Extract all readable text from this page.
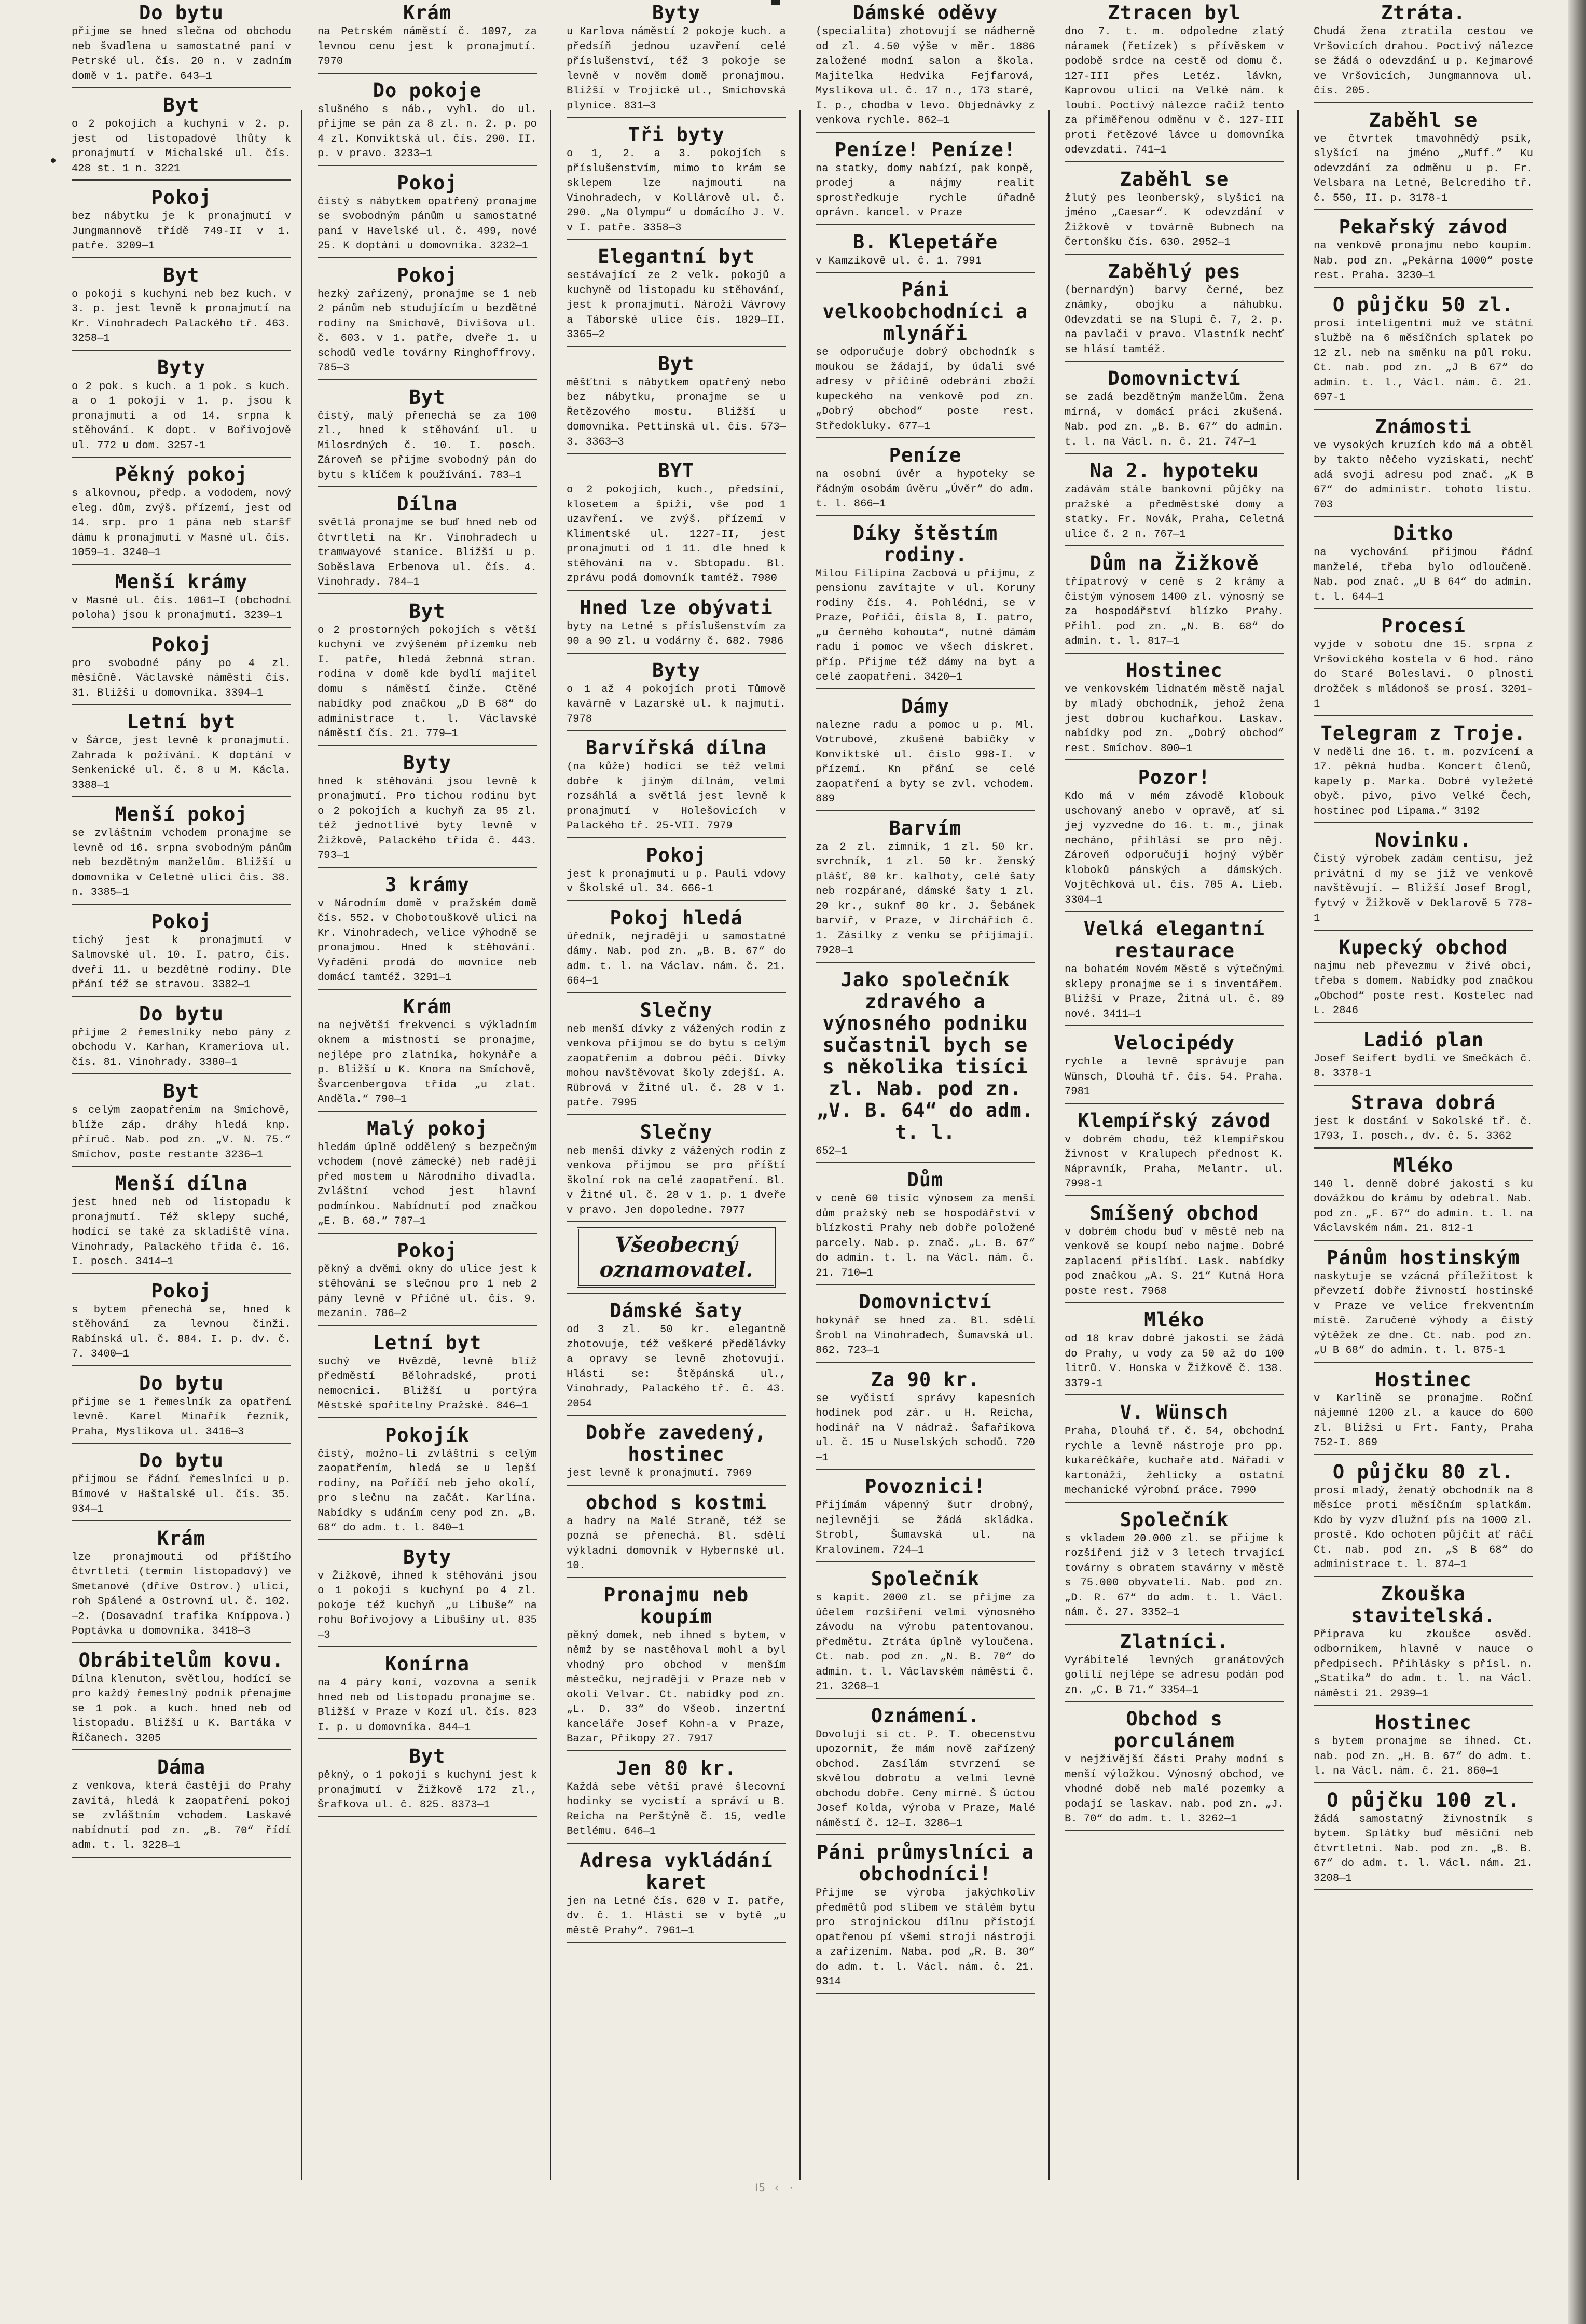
Do bytu

přijme se hned slečna od obchodu neb švadlena u samostatné paní v Petrské ul. čís. 20 n. v zadním domě v 1. patře. 643—1

Byt

o 2 pokojích a kuchyni v 2. p. jest od listopadové lhůty k pronajmutí v Michalské ul. čís. 428 st. 1 n. 3221

Pokoj

bez nábytku je k pronajmutí v Jungmannově třídě 749-II v 1. patře. 3209—1

Byt

o pokoji s kuchyní neb bez kuch. v 3. p. jest levně k pronajmutí na Kr. Vinohradech Palackého tř. 463. 3258—1

Byty

o 2 pok. s kuch. a 1 pok. s kuch. a o 1 pokoji v 1. p. jsou k pronajmutí a od 14. srpna k stěhování. K dopt. v Bořivojově ul. 772 u dom. 3257-1

Pěkný pokoj

s alkovnou, předp. a vododem, nový eleg. dům, zvýš. přízemí, jest od 14. srp. pro 1 pána neb staršf dámu k pronajmutí v Masné ul. čís. 1059—1. 3240—1

Menší krámy

v Masné ul. čís. 1061—I (obchodní poloha) jsou k pronajmutí. 3239—1

Pokoj

pro svobodné pány po 4 zl. měsíčně. Václavské náměstí čís. 31. Bližší u domovníka. 3394—1

Letní byt

v Šárce, jest levně k pronajmutí. Zahrada k požívání. K doptání v Senkenické ul. č. 8 u M. Kácla. 3388—1

Menší pokoj

se zvláštním vchodem pronajme se levně od 16. srpna svobodným pánům neb bezdětným manželům. Bližší u domovníka v Celetné ulici čís. 38. n. 3385—1

Pokoj

tichý jest k pronajmutí v Salmovské ul. 10. I. patro, čís. dveří 11. u bezdětné rodiny. Dle přání též se stravou. 3382—1

Do bytu

přijme 2 řemeslníky nebo pány z obchodu V. Karhan, Krameriova ul. čís. 81. Vinohrady. 3380—1

Byt

s celým zaopatřením na Smíchově, blíže záp. dráhy hledá knp. příruč. Nab. pod zn. „V. N. 75.“ Smíchov, poste restante 3236—1

Menší dílna

jest hned neb od listopadu k pronajmutí. Též sklepy suché, hodící se také za skladiště vína. Vinohrady, Palackého třída č. 16. I. posch. 3414—1

Pokoj

s bytem přenechá se, hned k stěhování za levnou činži. Rabínská ul. č. 884. I. p. dv. č. 7. 3400—1

Do bytu

přijme se 1 řemeslník za opatření levně. Karel Minařík řezník, Praha, Myslíkova ul. 3416—3

Do bytu

přijmou se řádní řemeslníci u p. Bímové v Haštalské ul. čís. 35. 934—1

Krám

lze pronajmouti od příštího čtvrtletí (termín listopadový) ve Smetanové (dříve Ostrov.) ulici, roh Spálené a Ostrovní ul. č. 102.—2. (Dosavadní trafika Kníppova.) Poptávka u domovníka. 3418—3

Obrábitelům kovu.

Dílna klenuton, světlou, hodící se pro každý řemeslný podnik přenajme se 1 pok. a kuch. hned neb od listopadu. Bližší u K. Bartáka v Říčanech. 3205

Dáma

z venkova, která častěji do Prahy zavítá, hledá k zaopatření pokoj se zvláštním vchodem. Laskavé nabídnutí pod zn. „B. 70“ řídí adm. t. l. 3228—1

Krám

na Petrském náměstí č. 1097, za levnou cenu jest k pronajmutí. 7970

Do pokoje

slušného s náb., vyhl. do ul. přijme se pán za 8 zl. n. 2. p. po 4 zl. Konviktská ul. čís. 290. II. p. v pravo. 3233—1

Pokoj

čistý s nábytkem opatřený pronajme se svobodným pánům u samostatné paní v Havelské ul. č. 499, nové 25. K doptání u domovníka. 3232—1

Pokoj

hezký zařízený, pronajme se 1 neb 2 pánům neb studujícím u bezdětné rodiny na Smíchově, Divišova ul. č. 603. v 1. patře, dveře 1. u schodů vedle továrny Ringhoffrovy. 785—3

Byt

čistý, malý přenechá se za 100 zl., hned k stěhování ul. u Milosrdných č. 10. I. posch. Zároveň se přijme svobodný pán do bytu s klíčem k používání. 783—1

Dílna

světlá pronajme se buď hned neb od čtvrtletí na Kr. Vinohradech u tramwayové stanice. Bližší u p. Soběslava Erbenova ul. čís. 4. Vinohrady. 784—1

Byt

o 2 prostorných pokojích s větší kuchyní ve zvýšeném přízemku neb I. patře, hledá žebnná stran. rodina v domě kde bydlí majitel domu s náměstí činže. Ctěné nabídky pod značkou „D B 68“ do administrace t. l. Václavské náměstí čís. 21. 779—1

Byty

hned k stěhování jsou levně k pronajmutí. Pro tichou rodinu byt o 2 pokojích a kuchyň za 95 zl. též jednotlivé byty levně v Žižkově, Palackého třída č. 443. 793—1

3 krámy

v Národním domě v pražském domě čís. 552. v Chobotouškově ulici na Kr. Vinohradech, velice výhodně se pronajmou. Hned k stěhování. Vyřadění prodá do movnice neb domácí tamtéž. 3291—1

Krám

na největší frekvenci s výkladním oknem a místností se pronajme, nejlépe pro zlatníka, hokynáře a p. Bližší u K. Knora na Smíchově, Švarcenbergova třída „u zlat. Anděla.“ 790—1

Malý pokoj

hledám úplně oddělený s bezpečným vchodem (nové zámecké) neb raději před mostem u Národního divadla. Zvláštní vchod jest hlavní podmínkou. Nabídnutí pod značkou „E. B. 68.“ 787—1

Pokoj

pěkný a dvěmi okny do ulice jest k stěhování se slečnou pro 1 neb 2 pány levně v Příčné ul. čís. 9. mezanin. 786—2

Letní byt

suchý ve Hvězdě, levně blíž předměstí Bělohradské, proti nemocnici. Bližší u portýra Městské spořitelny Pražské. 846—1

Pokojík

čistý, možno-li zvláštní s celým zaopatřením, hledá se u lepší rodiny, na Poříčí neb jeho okolí, pro slečnu na začát. Karlína. Nabídky s udáním ceny pod zn. „B. 68“ do adm. t. l. 840—1

Byty

v Žižkově, ihned k stěhování jsou o 1 pokoji s kuchyní po 4 zl. pokoje též kuchyň „u Libuše“ na rohu Bořivojovy a Libušiny ul. 835—3

Konírna

na 4 páry koní, vozovna a seník hned neb od listopadu pronajme se. Bližší v Praze v Kozí ul. čís. 823 I. p. u domovníka. 844—1

Byt

pěkný, o 1 pokoji s kuchyní jest k pronajmutí v Žižkově 172 zl., Šrafkova ul. č. 825. 8373—1

Byty

u Karlova náměstí 2 pokoje kuch. a předsíň jednou uzavření celé příslušenství, též 3 pokoje se levně v nověm domě pronajmou. Bližší v Trojické ul., Smíchovská plynice. 831—3

Tři byty

o 1, 2. a 3. pokojích s příslušenstvím, mimo to krám se sklepem lze najmouti na Vinohradech, v Kollárově ul. č. 290. „Na Olympu“ u domácího J. V. v I. patře. 3358—3

Elegantní byt

sestávající ze 2 velk. pokojů a kuchyně od listopadu ku stěhování, jest k pronajmutí. Nároží Vávrovy a Táborské ulice čís. 1829—II. 3365—2

Byt

měšťtní s nábytkem opatřený nebo bez nábytku, pronajme se u Řetězového mostu. Bližší u domovníka. Pettinská ul. čís. 573—3. 3363—3

BYT

o 2 pokojích, kuch., předsíní, klosetem a špiží, vše pod 1 uzavření. ve zvýš. přízemí v Klimentské ul. 1227-II, jest pronajmutí od 1 11. dle hned k stěhování na v. Sbtopadu. Bl. zprávu podá domovník tamtéž. 7980

Hned lze obývati

byty na Letné s příslušenstvím za 90 a 90 zl. u vodárny č. 682. 7986

Byty

o 1 až 4 pokojích proti Tůmově kavárně v Lazarské ul. k najmutí. 7978

Barvířská dílna

(na kůže) hodící se též velmi dobře k jiným dílnám, velmi rozsáhlá a světlá jest levně k pronajmutí v Holešovicích v Palackého tř. 25-VII. 7979

Pokoj

jest k pronajmutí u p. Pauli vdovy v Školské ul. 34. 666-1

Pokoj hledá

úředník, nejraději u samostatné dámy. Nab. pod zn. „B. B. 67“ do adm. t. l. na Václav. nám. č. 21. 664—1

Slečny

neb menší dívky z vážených rodin z venkova přijmou se do bytu s celým zaopatřením a dobrou péčí. Dívky mohou navštěvovat školy zdejší. A. Rübrová v Žitné ul. č. 28 v 1. patře. 7995

Slečny

neb menší dívky z vážených rodin z venkova přijmou se pro příští školní rok na celé zaopatření. Bl. v Žitné ul. č. 28 v 1. p. 1 dveře v pravo. Jen dopoledne. 7977

Všeobecný oznamovatel.
Dámské šaty

od 3 zl. 50 kr. elegantně zhotovuje, též veškeré předělávky a opravy se levně zhotovují. Hlásti se: Štěpánská ul., Vinohrady, Palackého tř. č. 43. 2054

Dobře zavedený, hostinec

jest levně k pronajmutí. 7969

obchod s kostmi

a hadry na Malé Straně, též se pozná se přenechá. Bl. sdělí výkladní domovník v Hybernské ul. 10.

Pronajmu neb koupím

pěkný domek, neb ihned s bytem, v němž by se nastěhoval mohl a byl vhodný pro obchod v menším městečku, nejraději v Praze neb v okolí Velvar. Ct. nabídky pod zn. „L. D. 33“ do Všeob. inzertní kanceláře Josef Kohn-a v Praze, Bazar, Příkopy 27. 7917

Jen 80 kr.

Každá sebe větší pravé šlecovní hodinky se vycistí a správí u B. Reicha na Perštýně č. 15, vedle Betlému. 646—1

Adresa vykládání karet

jen na Letné čís. 620 v I. patře, dv. č. 1. Hlásti se v bytě „u městě Prahy“. 7961—1

Dámské oděvy

(specialita) zhotovují se nádherně od zl. 4.50 výše v měr. 1886 založené modní salon a škola. Majitelka Hedvika Fejfarová, Myslíkova ul. č. 17 n., 173 staré, I. p., chodba v levo. Objednávky z venkova rychle. 862—1

Peníze! Peníze!

na statky, domy nabízí, pak konpě, prodej a nájmy realit sprostředkuje rychle úřadně oprávn. kancel. v Praze

B. Klepetáře

v Kamzíkově ul. č. 1. 7991

Páni velkoobchodníci a mlynáři

se odporučuje dobrý obchodník s moukou se žádají, by údali své adresy v příčině odebrání zboží kupeckého na venkově pod zn. „Dobrý obchod“ poste rest. Středokluky. 677—1

Peníze

na osobní úvěr a hypoteky se řádným osobám úvěru „Úvěr“ do adm. t. l. 866—1

Díky štěstím rodiny.

Milou Filipína Zacbová u příjmu, z pensionu zavítajte v ul. Koruny rodiny čís. 4. Pohlédni, se v Praze, Poříčí, čísla 8, I. patro, „u černého kohouta“, nutné dámám radu i pomoc ve všech diskret. příp. Přijme též dámy na byt a celé zaopatření. 3420—1

Dámy

nalezne radu a pomoc u p. Ml. Votrubové, zkušené babičky v Konviktské ul. číslo 998-I. v přízemí. Kn přání se celé zaopatření a byty se zvl. vchodem. 889

Barvím

za 2 zl. zimník, 1 zl. 50 kr. svrchník, 1 zl. 50 kr. ženský plášť, 80 kr. kalhoty, celé šaty neb rozpárané, dámské šaty 1 zl. 20 kr., suknf 80 kr. J. Šebánek barvíř, v Praze, v Jirchářích č. 1. Zásilky z venku se přijímají. 7928—1

Jako společník zdravého a výnosného podniku sučastnil bych se s několika tisíci zl. Nab. pod zn. „V. B. 64“ do adm. t. l.

652—1

Dům

v ceně 60 tisíc výnosem za menší dům pražský neb se hospodářství v blízkosti Prahy neb dobře položené parcely. Nab. p. znač. „L. B. 67“ do admin. t. l. na Václ. nám. č. 21. 710—1

Domovnictví

hokynář se hned za. Bl. sdělí Šrobl na Vinohradech, Šumavská ul. 862. 723—1

Za 90 kr.

se vyčistí správy kapesních hodinek pod zár. u H. Reicha, hodinář na V nádraž. Šafaříkova ul. č. 15 u Nuselských schodů. 720—1

Povoznici!

Přijímám vápenný šutr drobný, nejlevněji se žádá skládka. Strobl, Šumavská ul. na Kralovinem. 724—1

Společník

s kapit. 2000 zl. se přijme za účelem rozšíření velmi výnosného závodu na výrobu patentovanou. předmětu. Ztráta úplně vyloučena. Ct. nab. pod zn. „N. B. 70“ do admin. t. l. Václavském náměstí č. 21. 3268—1

Oznámení.

Dovoluji si ct. P. T. obecenstvu upozornit, že mám nově zařízený obchod. Zasílám stvrzení se skvělou dobrotu a velmi levné obchodu dobře. Ceny mírné. Š úctou Josef Kolda, výroba v Praze, Malé náměstí č. 12—I. 3286—1

Páni průmyslníci a obchodníci!

Přijme se výroba jakýchkoliv předmětů pod slibem ve stálém bytu pro strojnickou dílnu přístojí opatřenou pí všemi stroji nástroji a zařízením. Naba. pod „R. B. 30“ do adm. t. l. Václ. nám. č. 21. 9314

Ztracen byl

dno 7. t. m. odpoledne zlatý náramek (řetízek) s přívěskem v podobě srdce na cestě od domu č. 127-III přes Letéz. lávkn, Kaprovou ulicí na Velké nám. k loubí. Poctivý nálezce račiž tento za přiměřenou odměnu v č. 127-III proti řetězové lávce u domovníka odevzdati. 741—1

Zaběhl se

žlutý pes leonberský, slyšící na jméno „Caesar“. K odevzdání v Žižkově v továrně Bubnech na Čertonšku čís. 630. 2952—1

Zaběhlý pes

(bernardýn) barvy černé, bez známky, obojku a náhubku. Odevzdati se na Slupi č. 7, 2. p. na pavlači v pravo. Vlastník nechť se hlásí tamtéž.

Domovnictví

se zadá bezdětným manželům. Žena mírná, v domácí práci zkušená. Nab. pod zn. „B. B. 67“ do admin. t. l. na Václ. n. č. 21. 747—1

Na 2. hypoteku

zadávám stále bankovní půjčky na pražské a předměstské domy a statky. Fr. Novák, Praha, Celetná ulice č. 2 n. 767—1

Dům na Žižkově

třípatrový v ceně s 2 krámy a čistým výnosem 1400 zl. výnosný se za hospodářství blízko Prahy. Přihl. pod zn. „N. B. 68“ do admin. t. l. 817—1

Hostinec

ve venkovském lidnatém městě najal by mladý obchodník, jehož žena jest dobrou kuchařkou. Laskav. nabídky pod zn. „Dobrý obchod“ rest. Smíchov. 800—1

Pozor!

Kdo má v mém závodě klobouk uschovaný anebo v opravě, ať si jej vyzvedne do 16. t. m., jinak necháno, přihlásí se pro něj. Zároveň odporučuji hojný výběr kloboků pánských a dámských. Vojtěchková ul. čís. 705 A. Lieb. 3304—1

Velká elegantní restaurace

na bohatém Novém Městě s výtečnými sklepy pronajme se i s inventářem. Bližší v Praze, Žitná ul. č. 89 nové. 3411—1

Velocipédy

rychle a levně správuje pan Wünsch, Dlouhá tř. čís. 54. Praha. 7981

Klempířský závod

v dobrém chodu, též klempířskou živnost v Kralupech přednost K. Nápravník, Praha, Melantr. ul. 7998-1

Smíšený obchod

v dobrém chodu buď v městě neb na venkově se koupí nebo najme. Dobré zaplacení přislíbí. Lask. nabídky pod značkou „A. S. 21“ Kutná Hora poste rest. 7968

Mléko

od 18 krav dobré jakosti se žádá do Prahy, u vody za 50 až do 100 litrů. V. Honska v Žižkově č. 138. 3379-1

V. Wünsch

Praha, Dlouhá tř. č. 54, obchodní rychle a levně nástroje pro pp. kukaréčkáře, kuchaře atd. Nářadí v kartonáži, žehlicky a ostatní mechanické výrobní práce. 7990

Společník

s vkladem 20.000 zl. se přijme k rozšíření již v 3 letech trvající továrny s obratem stavárny v městě s 75.000 obyvateli. Nab. pod zn. „D. R. 67“ do adm. t. l. Václ. nám. č. 27. 3352—1

Zlatníci.

Vyrábitelé levných granátových golilí nejlépe se adresu podán pod zn. „C. B 71.“ 3354—1

Obchod s porculánem

v nejživější části Prahy modní s menší výložkou. Výnosný obchod, ve vhodné době neb malé pozemky a podají se laskav. nab. pod zn. „J. B. 70“ do adm. t. l. 3262—1

Ztráta.

Chudá žena ztratila cestou ve Vršovicích drahou. Poctivý nálezce se žádá o odevzdání u p. Kejmarové ve Vršovicích, Jungmannova ul. čís. 205.

Zaběhl se

ve čtvrtek tmavohnědý psík, slyšící na jméno „Muff.“ Ku odevzdání za odměnu u p. Fr. Velsbara na Letné, Belcrediho tř. č. 550, II. p. 3178-1

Pekařský závod

na venkově pronajmu nebo koupím. Nab. pod zn. „Pekárna 1000“ poste rest. Praha. 3230—1

O půjčku 50 zl.

prosí inteligentní muž ve státní službě na 6 měsíčních splatek po 12 zl. neb na směnku na půl roku. Ct. nab. pod zn. „J B 67“ do admin. t. l., Václ. nám. č. 21. 697-1

Známosti

ve vysokých kruzích kdo má a obtěl by takto něčeho vyziskati, nechť adá svoji adresu pod znač. „K B 67“ do administr. tohoto listu. 703

Ditko

na vychování přijmou řádní manželé, třeba bylo odloučeně. Nab. pod znač. „U B 64“ do admin. t. l. 644—1

Procesí

vyjde v sobotu dne 15. srpna z Vršovického kostela v 6 hod. ráno do Staré Boleslavi. O plnosti drožček s mládonoš se prosí. 3201-1

Telegram z Troje.

V neděli dne 16. t. m. pozvícení a 17. pěkná hudba. Koncert členů, kapely p. Marka. Dobré vyležeté obyč. pivo, pivo Velké Čech, hostinec pod Lipama.“ 3192

Novinku.

Čistý výrobek zadám centisu, jež privátní d my se již ve venkově navštěvují. — Bližší Josef Brogl, fytvý v Žižkově v Deklarově 5 778-1

Kupecký obchod

najmu neb převezmu v živé obci, třeba s domem. Nabídky pod značkou „Obchod“ poste rest. Kostelec nad L. 2846

Ladió plan

Josef Seifert bydlí ve Smečkách č. 8. 3378-1

Strava dobrá

jest k dostání v Sokolské tř. č. 1793, I. posch., dv. č. 5. 3362

Mléko

140 l. denně dobré jakosti s ku dovážkou do krámu by odebral. Nab. pod zn. „F. 67“ do admin. t. l. na Václavském nám. 21. 812-1

Pánům hostinským

naskytuje se vzácná příležitost k převzetí dobře živností hostinské v Praze ve velice frekventním místě. Zaručené výhody a čistý výtěžek ze dne. Ct. nab. pod zn. „U B 68“ do admin. t. l. 875-1

Hostinec

v Karlině se pronajme. Roční nájemné 1200 zl. a kauce do 600 zl. Bližsí u Frt. Fanty, Praha 752-I. 869

O půjčku 80 zl.

prosí mladý, ženatý obchodník na 8 měsíce proti měsíčním splatkám. Kdo by vyzv dlužní pís na 1000 zl. prostě. Kdo ochoten půjčit ať ráčí Ct. nab. pod zn. „S B 68“ do administrace t. l. 874—1

Zkouška stavitelská.

Připrava ku zkoušce osvěd. odborníkem, hlavně v nauce o předpisech. Přihlásky s přísl. n. „Statika“ do adm. t. l. na Václ. náměstí 21. 2939—1

Hostinec

s bytem pronajme se ihned. Ct. nab. pod zn. „H. B. 67“ do adm. t. l. na Václ. nám. č. 21. 860—1

O půjčku 100 zl.

žádá samostatný živnostník s bytem. Splátky buď měsíční neb čtvrtletní. Nab. pod zn. „B. B. 67“ do adm. t. l. Václ. nám. 21. 3208—1

Ⅰ5 ‹ ·
